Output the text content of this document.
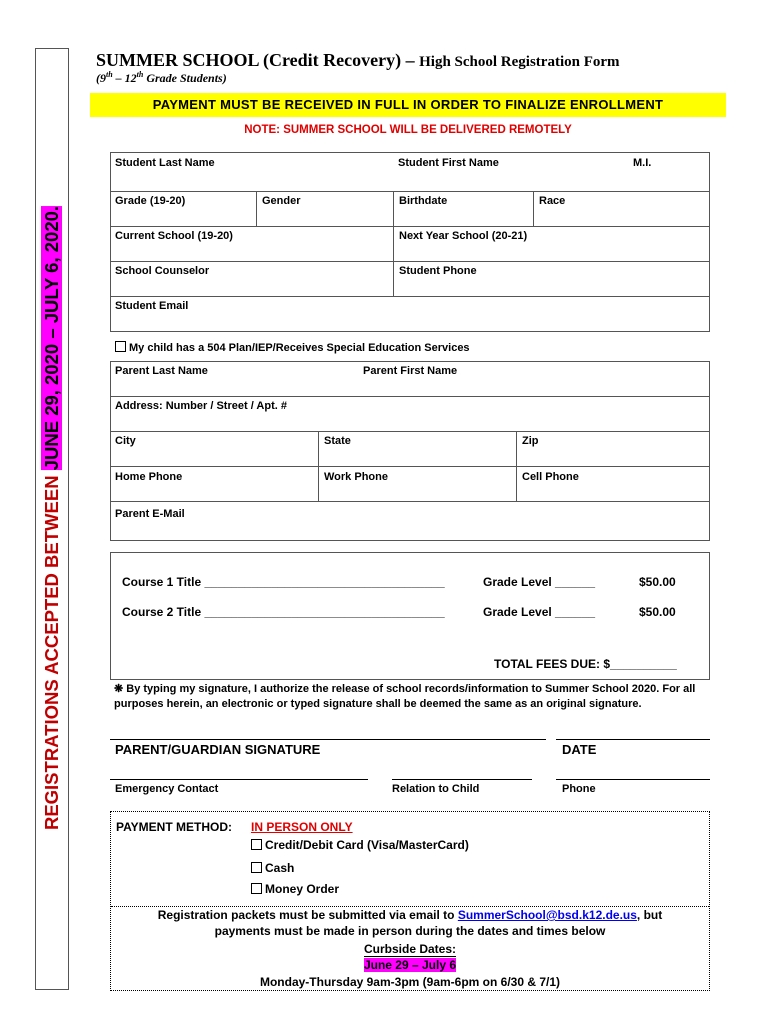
REGISTRATIONS ACCEPTED BETWEEN JUNE 29, 2020 – JULY 6, 2020.
SUMMER SCHOOL (Credit Recovery) – High School Registration Form
(9th – 12th Grade Students)
PAYMENT MUST BE RECEIVED IN FULL IN ORDER TO FINALIZE ENROLLMENT
NOTE: SUMMER SCHOOL WILL BE DELIVERED REMOTELY
Student Last Name	Student First Name	M.I.
Grade (19-20)	Gender	Birthdate	Race
Current School (19-20)	Next Year School (20-21)
School Counselor	Student Phone
Student Email
My child has a 504 Plan/IEP/Receives Special Education Services
Parent Last Name	Parent First Name
Address: Number / Street / Apt. #
City	State	Zip
Home Phone	Work Phone	Cell Phone
Parent E-Mail
Course 1 Title ____________________________________	Grade Level ______	$50.00
Course 2 Title ____________________________________	Grade Level ______	$50.00
TOTAL FEES DUE: $__________
❋ By typing my signature, I authorize the release of school records/information to Summer School 2020. For all purposes herein, an electronic or typed signature shall be deemed the same as an original signature.
PARENT/GUARDIAN SIGNATURE	DATE
Emergency Contact	Relation to Child	Phone
PAYMENT METHOD: IN PERSON ONLY
Credit/Debit Card (Visa/MasterCard)
Cash
Money Order
Registration packets must be submitted via email to SummerSchool@bsd.k12.de.us, but
payments must be made in person during the dates and times below
Curbside Dates:
June 29 – July 6
Monday-Thursday 9am-3pm (9am-6pm on 6/30 & 7/1)
